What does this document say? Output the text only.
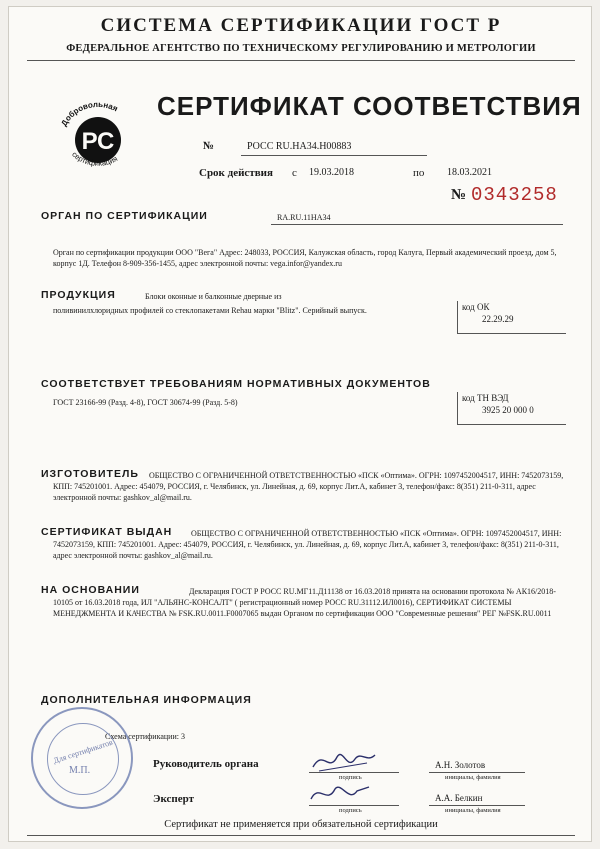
СИСТЕМА СЕРТИФИКАЦИИ ГОСТ Р
ФЕДЕРАЛЬНОЕ АГЕНТСТВО ПО ТЕХНИЧЕСКОМУ РЕГУЛИРОВАНИЮ И МЕТРОЛОГИИ
Добровольная
РС
сертификация
СЕРТИФИКАТ СООТВЕТСТВИЯ
№	РОСС RU.HA34.H00883
Срок действия с 19.03.2018	по 18.03.2021
№ 0343258
ОРГАН ПО СЕРТИФИКАЦИИ	RA.RU.11HA34
Орган по сертификации продукции ООО "Вега" Адрес: 248033, РОССИЯ, Калужская область, город Калуга, Первый академический проезд, дом 5, корпус 1Д. Телефон 8-909-356-1455, адрес электронной почты: vega.infor@yandex.ru
ПРОДУКЦИЯ	Блоки оконные и балконные дверные из
поливинилхлоридных профилей со стеклопакетами Rehau марки "Blitz". Серийный выпуск.	код ОК
22.29.29
СООТВЕТСТВУЕТ ТРЕБОВАНИЯМ НОРМАТИВНЫХ ДОКУМЕНТОВ
ГОСТ 23166-99 (Разд. 4-8), ГОСТ 30674-99 (Разд. 5-8)	код ТН ВЭД
3925 20 000 0
ИЗГОТОВИТЕЛЬ	ОБЩЕСТВО С ОГРАНИЧЕННОЙ ОТВЕТСТВЕННОСТЬЮ «ПСК «Оптима». ОГРН: 1097452004517, ИНН: 7452073159, КПП: 745201001. Адрес: 454079, РОССИЯ, г. Челябинск, ул. Линейная, д. 69, корпус Лит.А, кабинет 3, телефон/факс: 8(351) 211-0-311, адрес электронной почты: gashkov_al@mail.ru.
СЕРТИФИКАТ ВЫДАН	ОБЩЕСТВО С ОГРАНИЧЕННОЙ ОТВЕТСТВЕННОСТЬЮ «ПСК «Оптима». ОГРН: 1097452004517, ИНН: 7452073159, КПП: 745201001. Адрес: 454079, РОССИЯ, г. Челябинск, ул. Линейная, д. 69, корпус Лит.А, кабинет 3, телефон/факс: 8(351) 211-0-311, адрес электронной почты: gashkov_al@mail.ru.
НА ОСНОВАНИИ	Декларация ГОСТ Р РОСС RU.МГ11.Д11138 от 16.03.2018 принята на основании протокола № АК16/2018-10105 от 16.03.2018 года, ИЛ "АЛЬЯНС-КОНСАЛТ" ( регистрационный номер РОСС RU.31112.ИЛ0016), СЕРТИФИКАТ СИСТЕМЫ МЕНЕДЖМЕНТА И КАЧЕСТВА № FSK.RU.0011.F0007065 выдан Органом по сертификации ООО "Современные решения" РЕГ №FSK.RU.0011
ДОПОЛНИТЕЛЬНАЯ ИНФОРМАЦИЯ
Схема сертификации: 3
Для сертификатов
М.П.
Руководитель органа
подпись
А.Н. Золотов
инициалы, фамилия
Эксперт
подпись
А.А. Белкин
инициалы, фамилия
Сертификат не применяется при обязательной сертификации
